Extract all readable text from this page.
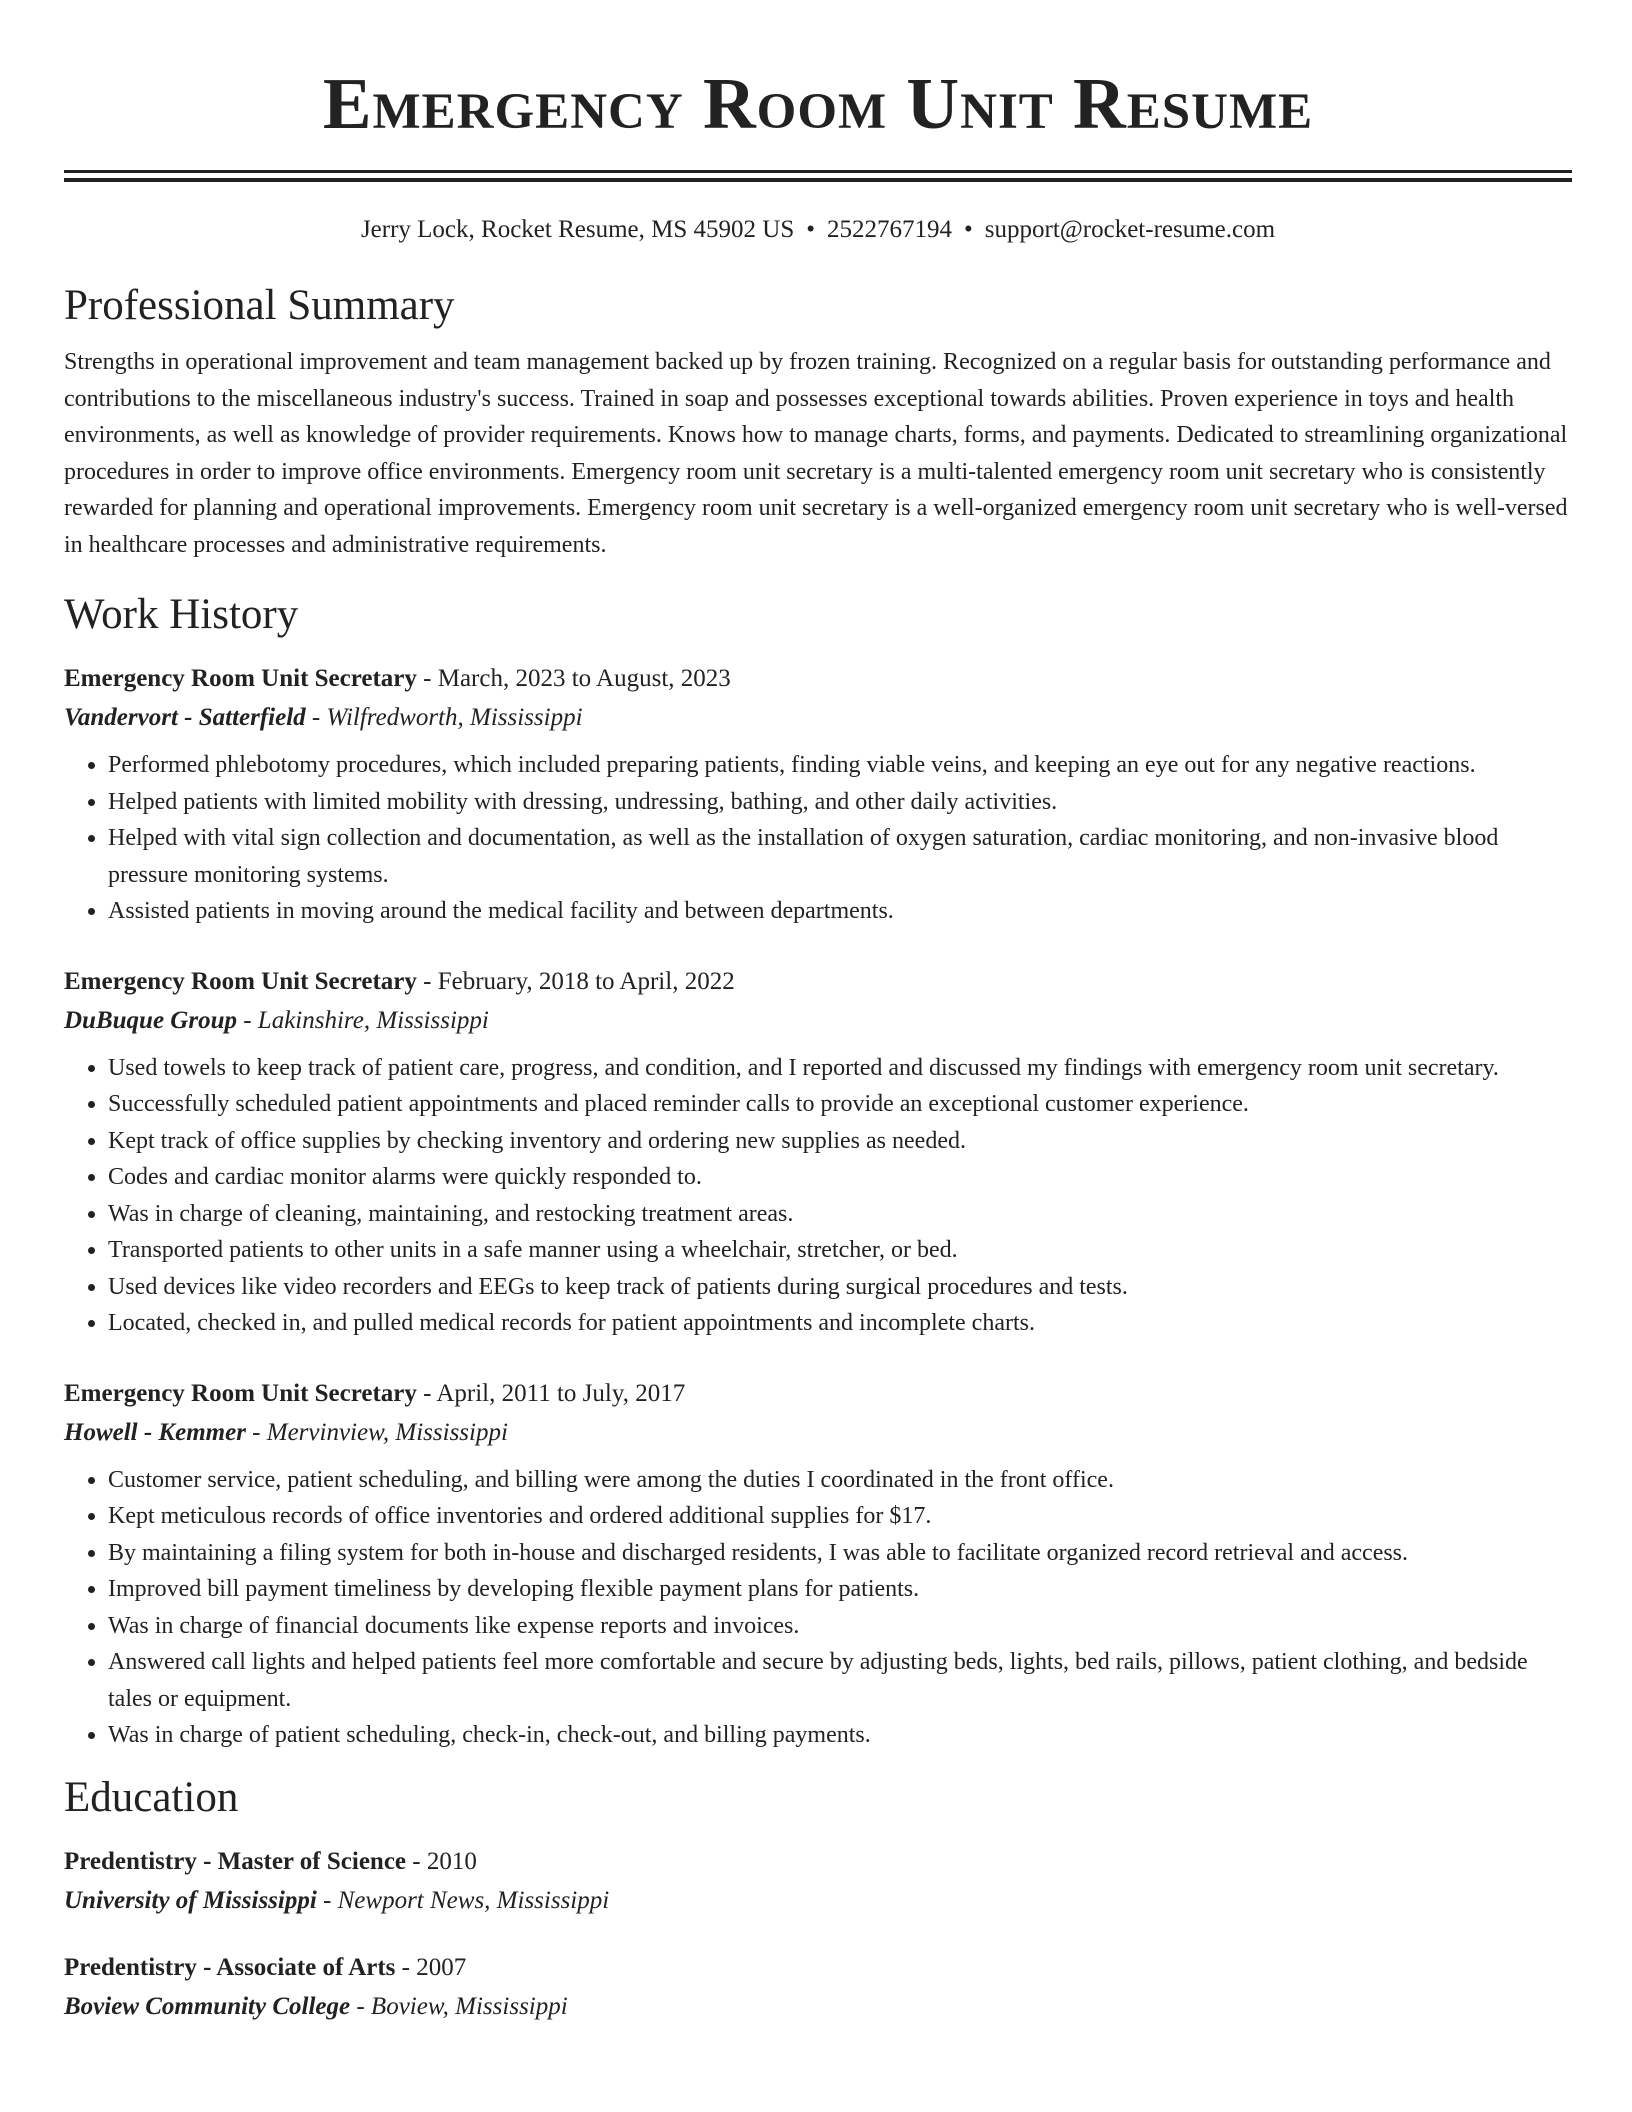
Emergency Room Unit Resume
Jerry Lock, Rocket Resume, MS 45902 US • 2522767194 • support@rocket-resume.com
Professional Summary

Strengths in operational improvement and team management backed up by frozen training. Recognized on a regular basis for outstanding performance and contributions to the miscellaneous industry's success. Trained in soap and possesses exceptional towards abilities. Proven experience in toys and health environments, as well as knowledge of provider requirements. Knows how to manage charts, forms, and payments. Dedicated to streamlining organizational procedures in order to improve office environments. Emergency room unit secretary is a multi-talented emergency room unit secretary who is consistently rewarded for planning and operational improvements. Emergency room unit secretary is a well-organized emergency room unit secretary who is well-versed in healthcare processes and administrative requirements.

Work History
Emergency Room Unit Secretary - March, 2023 to August, 2023
Vandervort - Satterfield - Wilfredworth, Mississippi
• Performed phlebotomy procedures, which included preparing patients, finding viable veins, and keeping an eye out for any negative reactions.
• Helped patients with limited mobility with dressing, undressing, bathing, and other daily activities.
• Helped with vital sign collection and documentation, as well as the installation of oxygen saturation, cardiac monitoring, and non-invasive blood pressure monitoring systems.
• Assisted patients in moving around the medical facility and between departments.
Emergency Room Unit Secretary - February, 2018 to April, 2022
DuBuque Group - Lakinshire, Mississippi
• Used towels to keep track of patient care, progress, and condition, and I reported and discussed my findings with emergency room unit secretary.
• Successfully scheduled patient appointments and placed reminder calls to provide an exceptional customer experience.
• Kept track of office supplies by checking inventory and ordering new supplies as needed.
• Codes and cardiac monitor alarms were quickly responded to.
• Was in charge of cleaning, maintaining, and restocking treatment areas.
• Transported patients to other units in a safe manner using a wheelchair, stretcher, or bed.
• Used devices like video recorders and EEGs to keep track of patients during surgical procedures and tests.
• Located, checked in, and pulled medical records for patient appointments and incomplete charts.
Emergency Room Unit Secretary - April, 2011 to July, 2017
Howell - Kemmer - Mervinview, Mississippi
• Customer service, patient scheduling, and billing were among the duties I coordinated in the front office.
• Kept meticulous records of office inventories and ordered additional supplies for $17.
• By maintaining a filing system for both in-house and discharged residents, I was able to facilitate organized record retrieval and access.
• Improved bill payment timeliness by developing flexible payment plans for patients.
• Was in charge of financial documents like expense reports and invoices.
• Answered call lights and helped patients feel more comfortable and secure by adjusting beds, lights, bed rails, pillows, patient clothing, and bedside tales or equipment.
• Was in charge of patient scheduling, check-in, check-out, and billing payments.
Education
Predentistry - Master of Science - 2010
University of Mississippi - Newport News, Mississippi
Predentistry - Associate of Arts - 2007
Boview Community College - Boview, Mississippi
